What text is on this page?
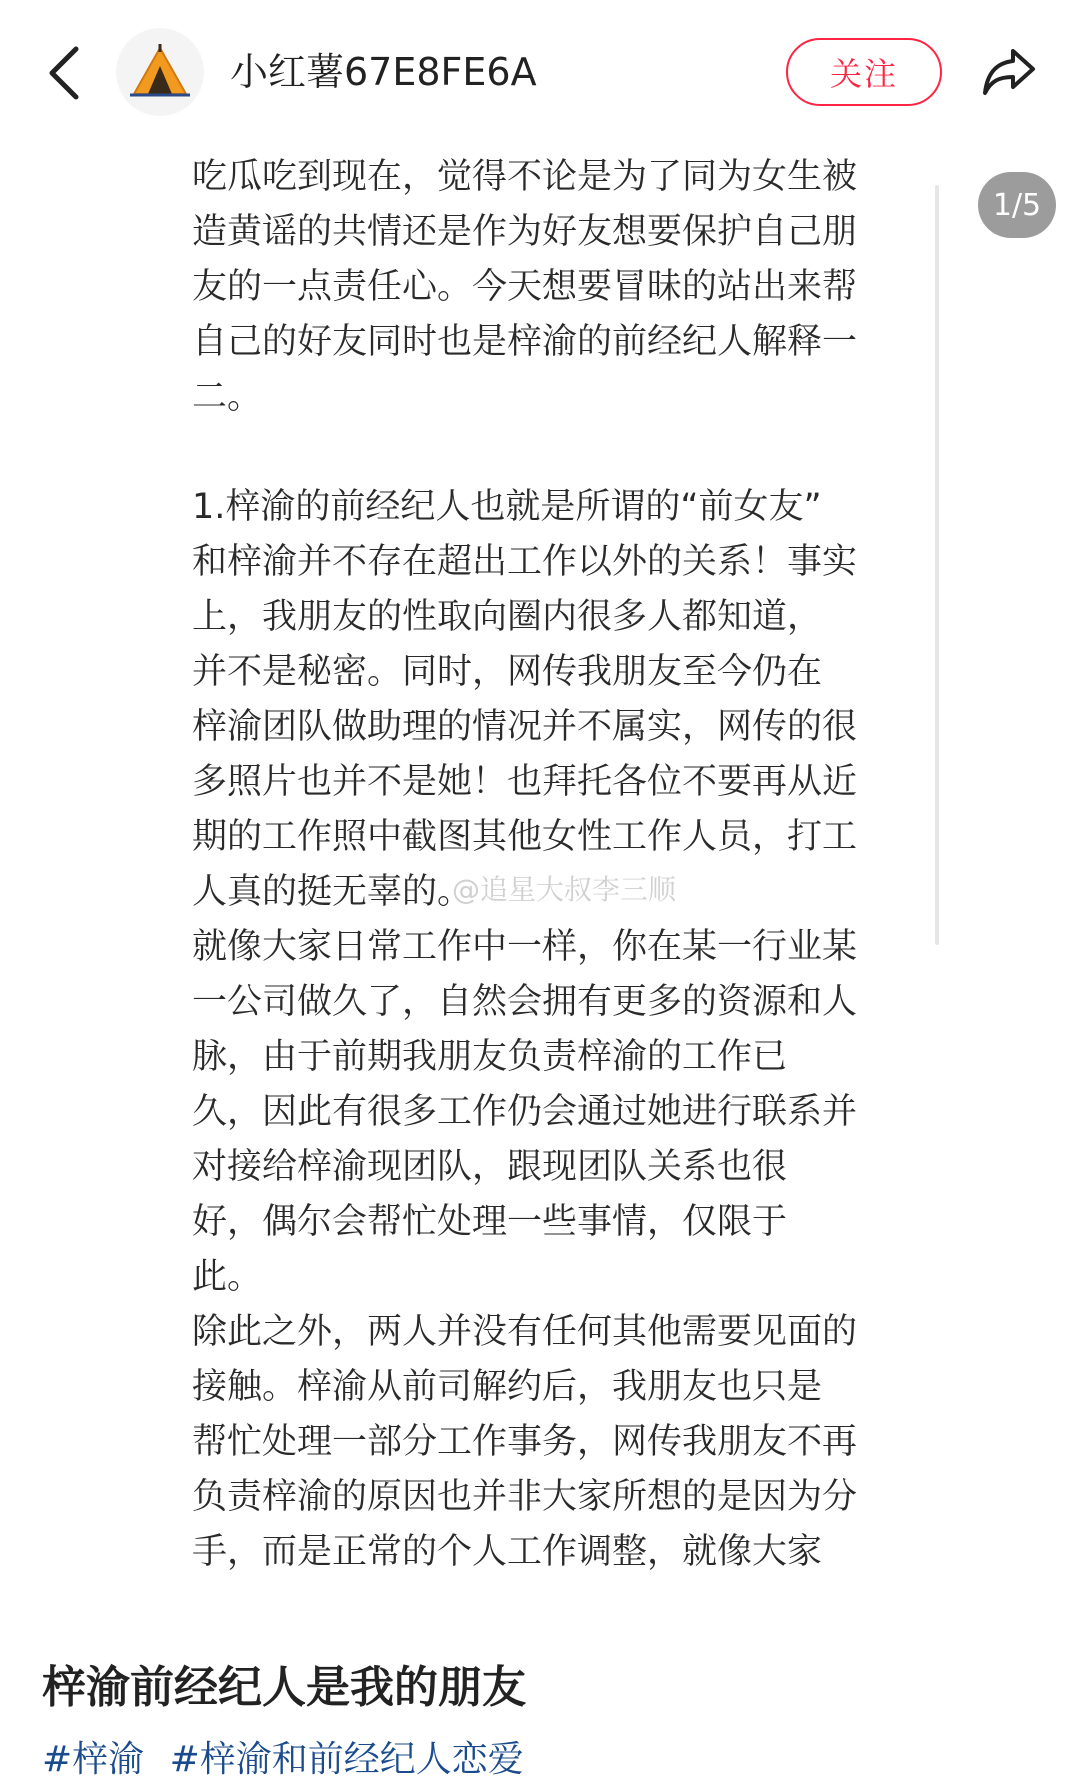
小红薯67E8FE6A	关注

吃瓜吃到现在，觉得不论是为了同为女生被
造黄谣的共情还是作为好友想要保护自己朋
友的一点责任心。今天想要冒昧的站出来帮
自己的好友同时也是梓渝的前经纪人解释一
二。

1.梓渝的前经纪人也就是所谓的“前女友”
和梓渝并不存在超出工作以外的关系！事实
上，我朋友的性取向圈内很多人都知道，
并不是秘密。同时，网传我朋友至今仍在
梓渝团队做助理的情况并不属实，网传的很
多照片也并不是她！也拜托各位不要再从近
期的工作照中截图其他女性工作人员，打工
人真的挺无辜的。

就像大家日常工作中一样，你在某一行业某
一公司做久了，自然会拥有更多的资源和人
脉，由于前期我朋友负责梓渝的工作已
久，因此有很多工作仍会通过她进行联系并
对接给梓渝现团队，跟现团队关系也很
好，偶尔会帮忙处理一些事情，仅限于
此。

除此之外，两人并没有任何其他需要见面的
接触。梓渝从前司解约后，我朋友也只是
帮忙处理一部分工作事务，网传我朋友不再
负责梓渝的原因也并非大家所想的是因为分
手，而是正常的个人工作调整，就像大家

1/5
@追星大叔李三顺
梓渝前经纪人是我的朋友
#梓渝 #梓渝和前经纪人恋爱
